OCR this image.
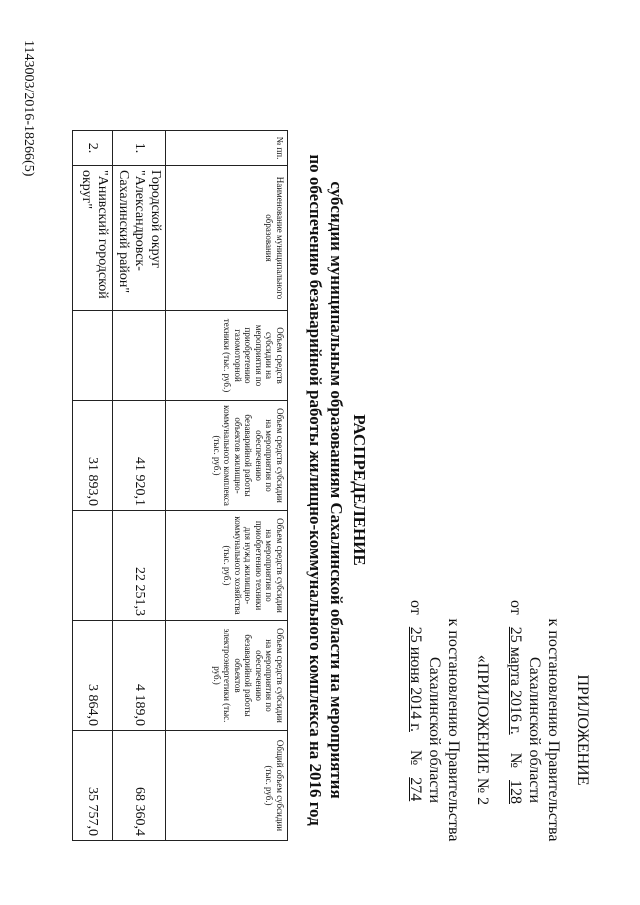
ПРИЛОЖЕНИЕ
к постановлению Правительства
Сахалинской области
от 25 марта 2016 г. № 128
«ПРИЛОЖЕНИЕ № 2
к постановлению Правительства
Сахалинской области
от 25 июня 2014 г. № 274
РАСПРЕДЕЛЕНИЕ
субсидии муниципальным образованиям Сахалинской области на мероприятия
по обеспечению безаварийной работы жилищно-коммунального комплекса на 2016 год
№ пп.	Наименование муниципального образования	Объем средств субсидии на мероприятия по приобретению газомоторной техники (тыс. руб.)	Объем средств субсидии на мероприятия по обеспечению безаварийной работы объектов жилищно-коммунального комплекса (тыс. руб.)	Объем средств субсидии на мероприятия по приобретению техники для нужд жилищно-коммунального хозяйства (тыс. руб.)	Объем средств субсидии на мероприятия по обеспечению безаварийной работы объектов электроэнергетики (тыс. руб.)	Общий объем субсидии (тыс. руб.)
1.	Городской округ "Александровск-Сахалинский район"		41 920,1	22 251,3	4 189,0	68 360,4
2.	"Анивский городской округ"		31 893,0		3 864,0	35 757,0
1143003/2016-18266(5)
